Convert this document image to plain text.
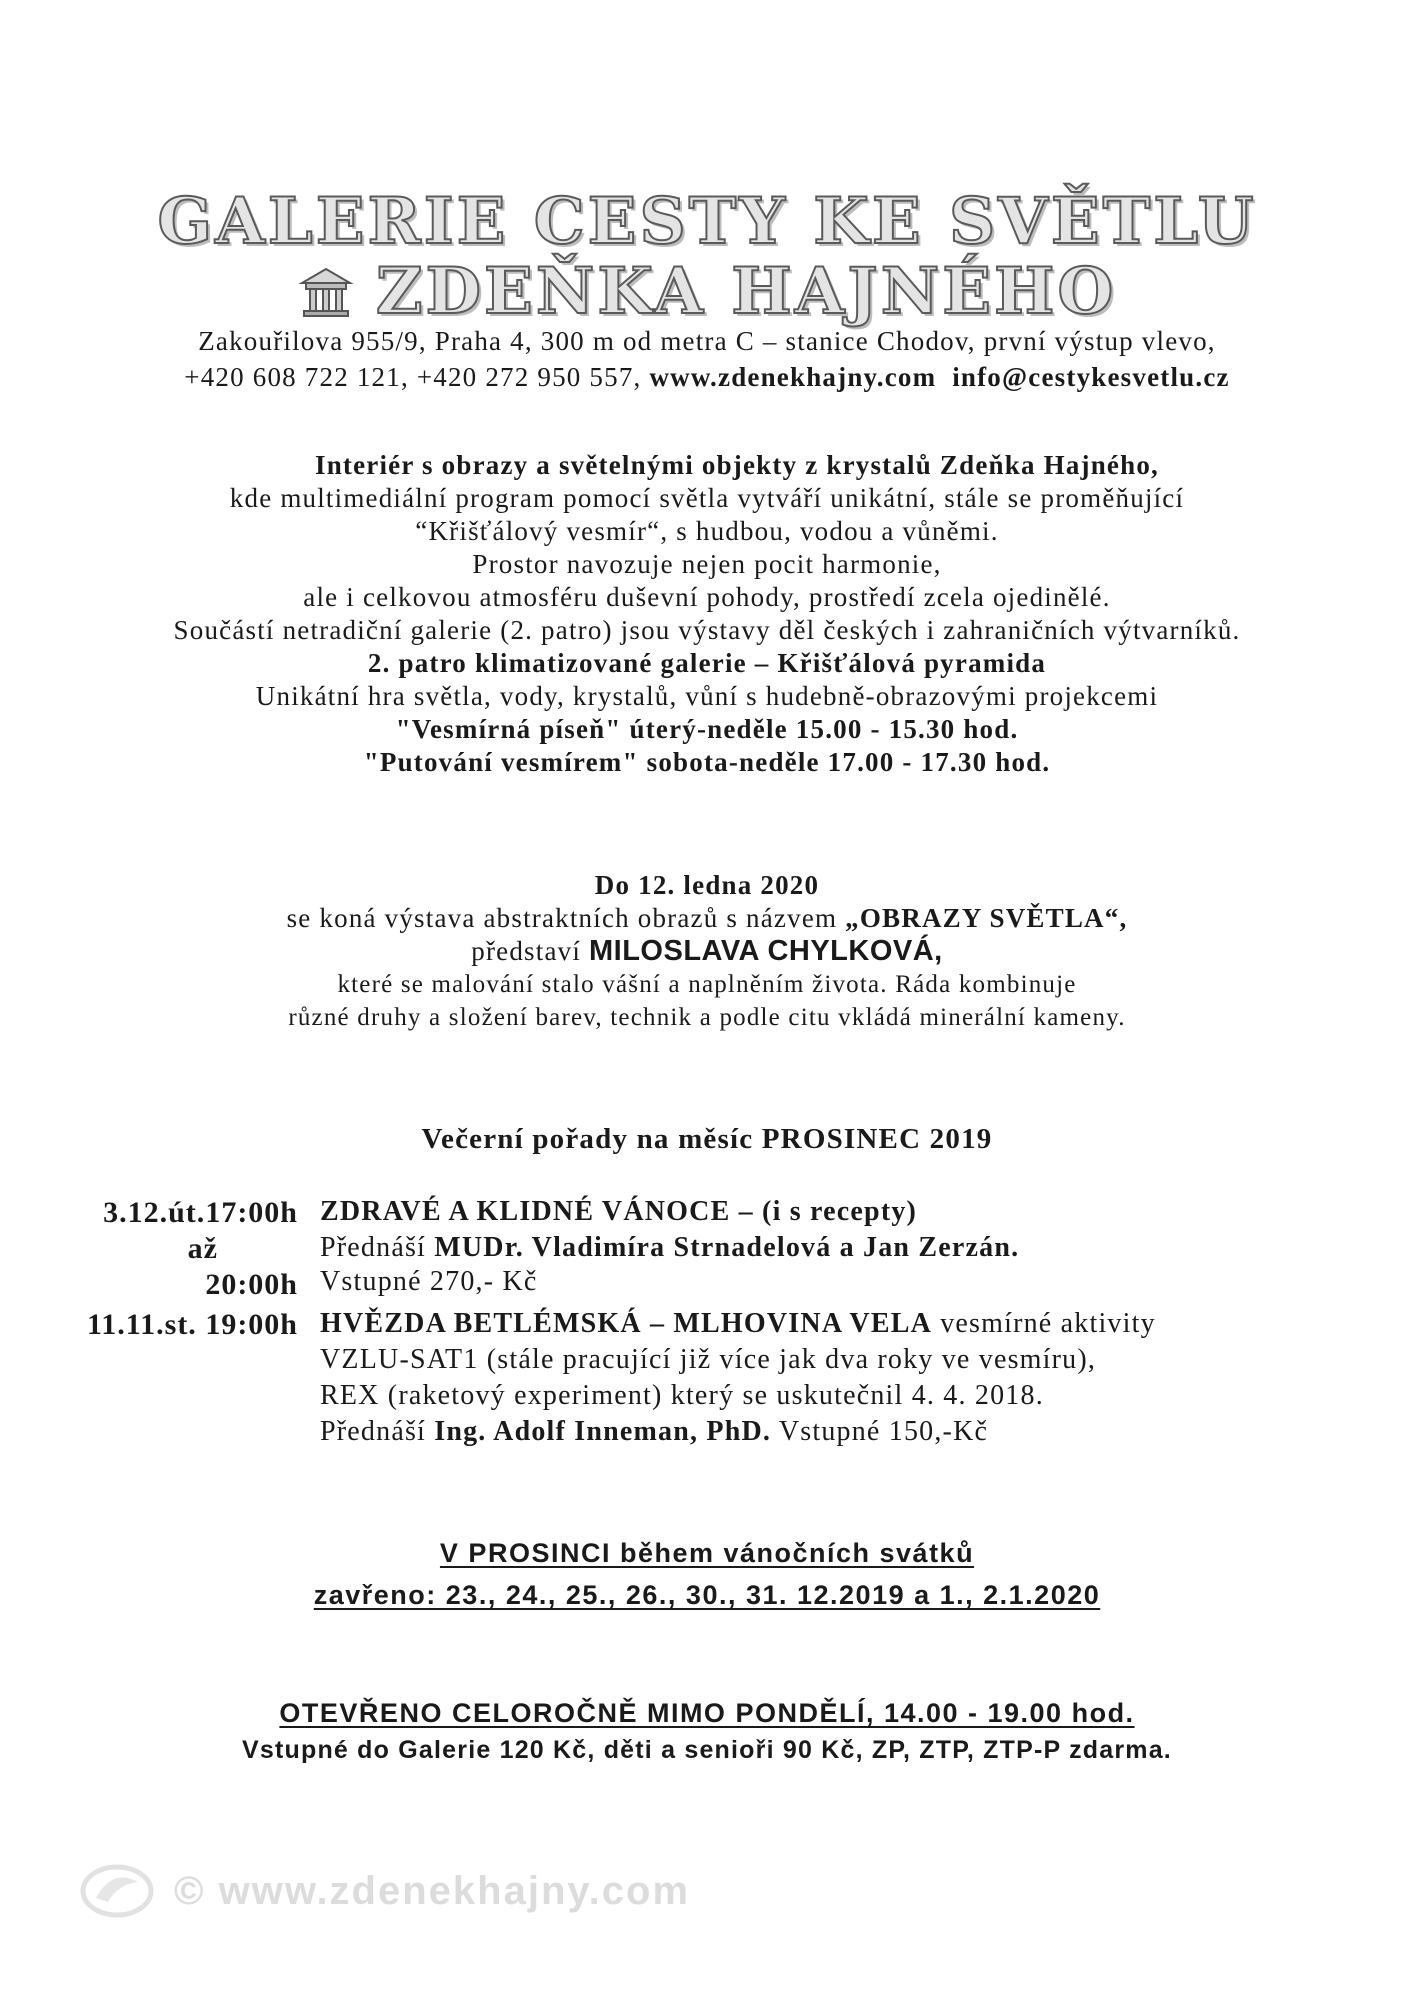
GALERIE CESTY KE SVĚTLU
ZDEŇKA HAJNÉHO
Zakouřilova 955/9, Praha 4, 300 m od metra C – stanice Chodov, první výstup vlevo,
+420 608 722 121, +420 272 950 557, www.zdenekhajny.com info@cestykesvetlu.cz
Interiér s obrazy a světelnými objekty z krystalů Zdeňka Hajného,
kde multimediální program pomocí světla vytváří unikátní, stále se proměňující
“Křišťálový vesmír“, s hudbou, vodou a vůněmi.
Prostor navozuje nejen pocit harmonie,
ale i celkovou atmosféru duševní pohody, prostředí zcela ojedinělé.
Součástí netradiční galerie (2. patro) jsou výstavy děl českých i zahraničních výtvarníků.
2. patro klimatizované galerie – Křišťálová pyramida
Unikátní hra světla, vody, krystalů, vůní s hudebně-obrazovými projekcemi
"Vesmírná píseň" úterý-neděle 15.00 - 15.30 hod.
"Putování vesmírem" sobota-neděle 17.00 - 17.30 hod.
Do 12. ledna 2020
se koná výstava abstraktních obrazů s názvem „OBRAZY SVĚTLA“,
představí MILOSLAVA CHYLKOVÁ,
které se malování stalo vášní a naplněním života. Ráda kombinuje
různé druhy a složení barev, technik a podle citu vkládá minerální kameny.
Večerní pořady na měsíc PROSINEC 2019
3.12.út.17:00h
až
20:00h
ZDRAVÉ A KLIDNÉ VÁNOCE – (i s recepty)
Přednáší MUDr. Vladimíra Strnadelová a Jan Zerzán.
Vstupné 270,- Kč
11.11.st. 19:00h HVĚZDA BETLÉMSKÁ – MLHOVINA VELA vesmírné aktivity
VZLU-SAT1 (stále pracující již více jak dva roky ve vesmíru),
REX (raketový experiment) který se uskutečnil 4. 4. 2018.
Přednáší Ing. Adolf Inneman, PhD. Vstupné 150,-Kč
V PROSINCI během vánočních svátků
zavřeno: 23., 24., 25., 26., 30., 31. 12.2019 a 1., 2.1.2020
OTEVŘENO CELOROČNĚ MIMO PONDĚLÍ, 14.00 - 19.00 hod.
Vstupné do Galerie 120 Kč, děti a senioři 90 Kč, ZP, ZTP, ZTP-P zdarma.
© www.zdenekhajny.com
